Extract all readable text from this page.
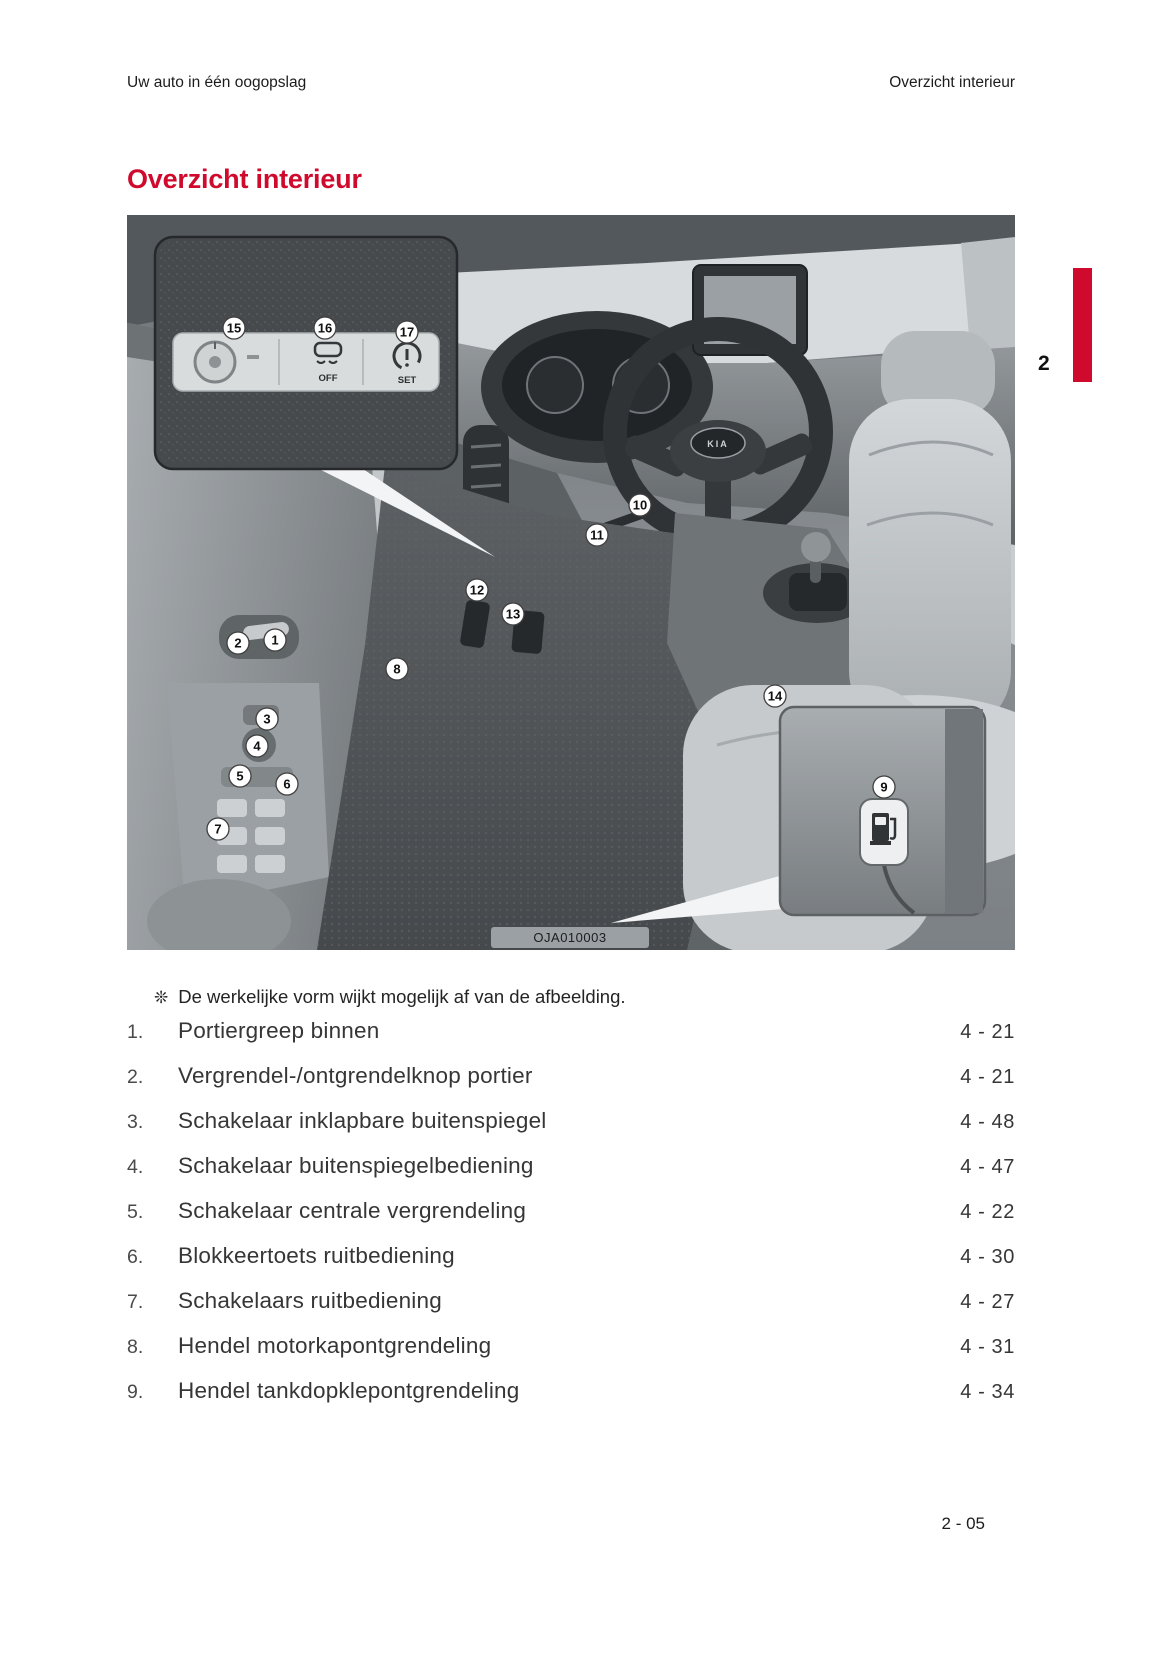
Uw auto in één oogopslag	Overzicht interieur
Overzicht interieur
KIA
OFF	SET
1
2
3
4
5
6
7
8
9
10
11
12
13
14
15	16	17
OJA010003
2

❊ De werkelijke vorm wijkt mogelijk af van de afbeelding.

1.	Portiergreep binnen	4 - 21
2.	Vergrendel-/ontgrendelknop portier	4 - 21
3.	Schakelaar inklapbare buitenspiegel	4 - 48
4.	Schakelaar buitenspiegelbediening	4 - 47
5.	Schakelaar centrale vergrendeling	4 - 22
6.	Blokkeertoets ruitbediening	4 - 30
7.	Schakelaars ruitbediening	4 - 27
8.	Hendel motorkapontgrendeling	4 - 31
9.	Hendel tankdopklepontgrendeling	4 - 34
2 - 05
